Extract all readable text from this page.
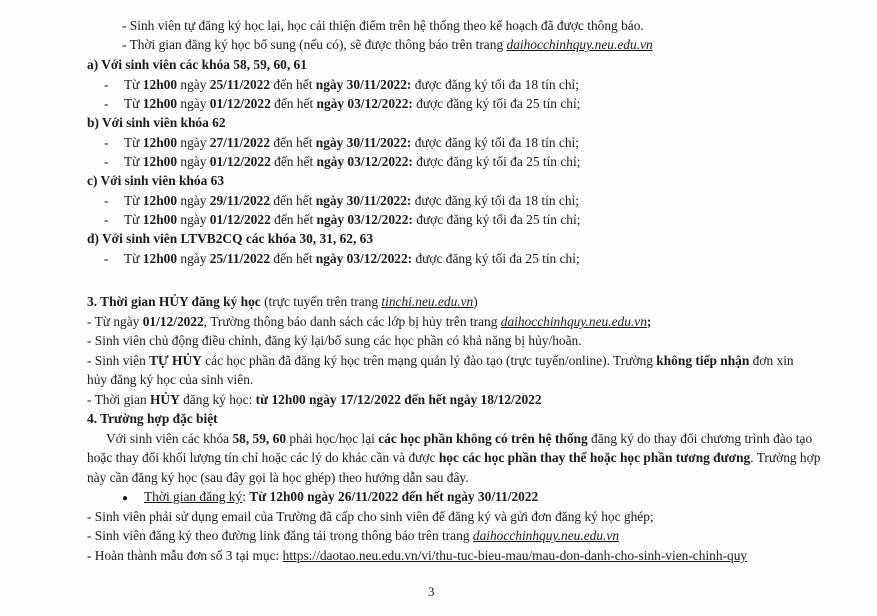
- Sinh viên tự đăng ký học lại, học cải thiện điểm trên hệ thống theo kế hoạch đã được thông báo.
- Thời gian đăng ký học bổ sung (nếu có), sẽ được thông báo trên trang daihocchinhquy.neu.edu.vn
a) Với sinh viên các khóa 58, 59, 60, 61
- Từ 12h00 ngày 25/11/2022 đến hết ngày 30/11/2022: được đăng ký tối đa 18 tín chỉ;
- Từ 12h00 ngày 01/12/2022 đến hết ngày 03/12/2022: được đăng ký tối đa 25 tín chỉ;
b) Với sinh viên khóa 62
- Từ 12h00 ngày 27/11/2022 đến hết ngày 30/11/2022: được đăng ký tối đa 18 tín chỉ;
- Từ 12h00 ngày 01/12/2022 đến hết ngày 03/12/2022: được đăng ký tối đa 25 tín chỉ;
c) Với sinh viên khóa 63
- Từ 12h00 ngày 29/11/2022 đến hết ngày 30/11/2022: được đăng ký tối đa 18 tín chỉ;
- Từ 12h00 ngày 01/12/2022 đến hết ngày 03/12/2022: được đăng ký tối đa 25 tín chỉ;
d) Với sinh viên LTVB2CQ các khóa 30, 31, 62, 63
- Từ 12h00 ngày 25/11/2022 đến hết ngày 03/12/2022: được đăng ký tối đa 25 tín chỉ;
3. Thời gian HỦY đăng ký học (trực tuyến trên trang tinchi.neu.edu.vn)
- Từ ngày 01/12/2022, Trường thông báo danh sách các lớp bị hủy trên trang daihocchinhquy.neu.edu.vn;
- Sinh viên chủ động điều chỉnh, đăng ký lại/bổ sung các học phần có khả năng bị hủy/hoãn.
- Sinh viên TỰ HỦY các học phần đã đăng ký học trên mạng quản lý đào tạo (trực tuyến/online). Trường không tiếp nhận đơn xin
hủy đăng ký học của sinh viên.
- Thời gian HỦY đăng ký học: từ 12h00 ngày 17/12/2022 đến hết ngày 18/12/2022
4. Trường hợp đặc biệt
Với sinh viên các khóa 58, 59, 60 phải học/học lại các học phần không có trên hệ thống đăng ký do thay đổi chương trình đào tạo
hoặc thay đổi khối lượng tín chỉ hoặc các lý do khác cần và được học các học phần thay thế hoặc học phần tương đương. Trường hợp
này cần đăng ký học (sau đây gọi là học ghép) theo hướng dẫn sau đây.
● Thời gian đăng ký: Từ 12h00 ngày 26/11/2022 đến hết ngày 30/11/2022
- Sinh viên phải sử dụng email của Trường đã cấp cho sinh viên để đăng ký và gửi đơn đăng ký học ghép;
- Sinh viên đăng ký theo đường link đăng tải trong thông báo trên trang daihocchinhquy.neu.edu.vn
- Hoàn thành mẫu đơn số 3 tại mục: https://daotao.neu.edu.vn/vi/thu-tuc-bieu-mau/mau-don-danh-cho-sinh-vien-chinh-quy
3
